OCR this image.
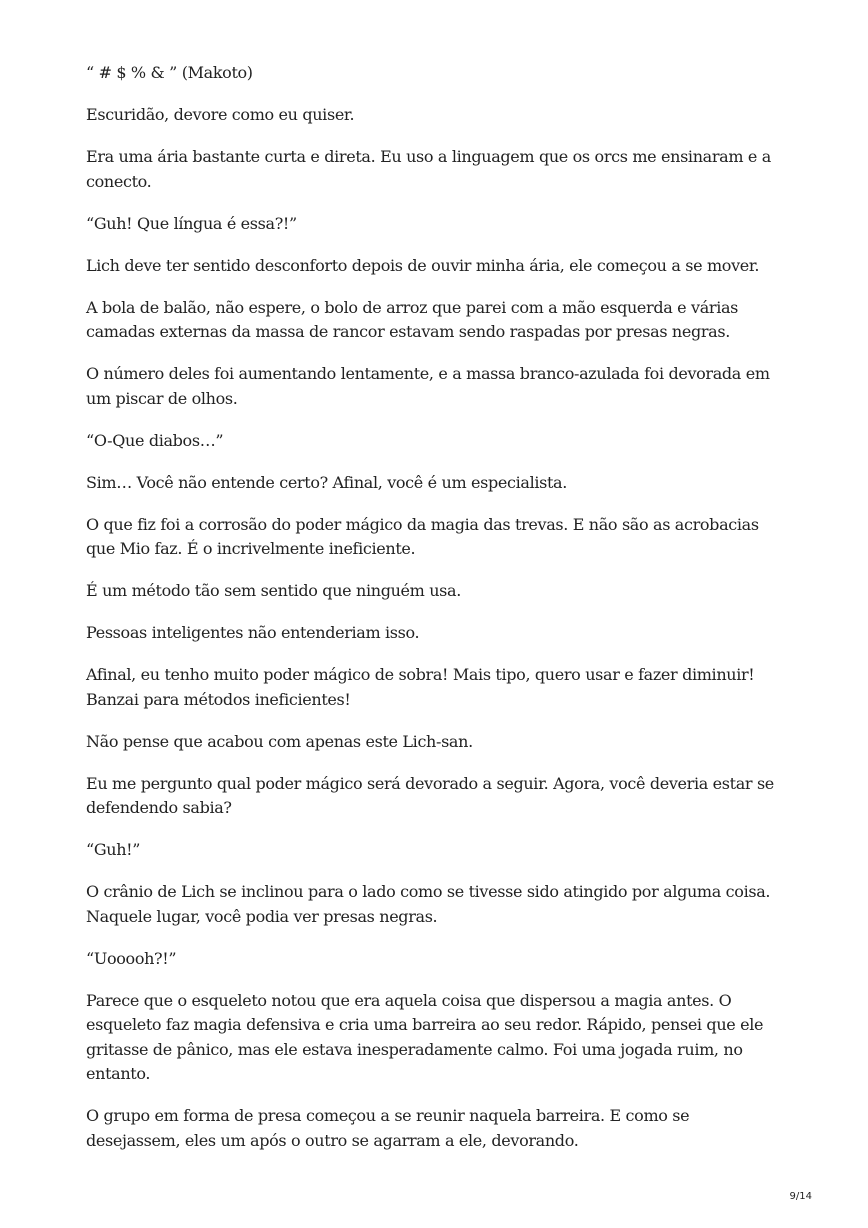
“ # $ % & ” (Makoto)

Escuridão, devore como eu quiser.

Era uma ária bastante curta e direta. Eu uso a linguagem que os orcs me ensinaram e a conecto.

“Guh! Que língua é essa?!”

Lich deve ter sentido desconforto depois de ouvir minha ária, ele começou a se mover.

A bola de balão, não espere, o bolo de arroz que parei com a mão esquerda e várias camadas externas da massa de rancor estavam sendo raspadas por presas negras.

O número deles foi aumentando lentamente, e a massa branco-azulada foi devorada em um piscar de olhos.

“O-Que diabos…”

Sim… Você não entende certo? Afinal, você é um especialista.

O que fiz foi a corrosão do poder mágico da magia das trevas. E não são as acrobacias que Mio faz. É o incrivelmente ineficiente.

É um método tão sem sentido que ninguém usa.

Pessoas inteligentes não entenderiam isso.

Afinal, eu tenho muito poder mágico de sobra! Mais tipo, quero usar e fazer diminuir! Banzai para métodos ineficientes!

Não pense que acabou com apenas este Lich-san.

Eu me pergunto qual poder mágico será devorado a seguir. Agora, você deveria estar se defendendo sabia?

“Guh!”

O crânio de Lich se inclinou para o lado como se tivesse sido atingido por alguma coisa. Naquele lugar, você podia ver presas negras.

“Uooooh?!”

Parece que o esqueleto notou que era aquela coisa que dispersou a magia antes. O esqueleto faz magia defensiva e cria uma barreira ao seu redor. Rápido, pensei que ele gritasse de pânico, mas ele estava inesperadamente calmo. Foi uma jogada ruim, no entanto.

O grupo em forma de presa começou a se reunir naquela barreira. E como se desejassem, eles um após o outro se agarram a ele, devorando.

9/14
